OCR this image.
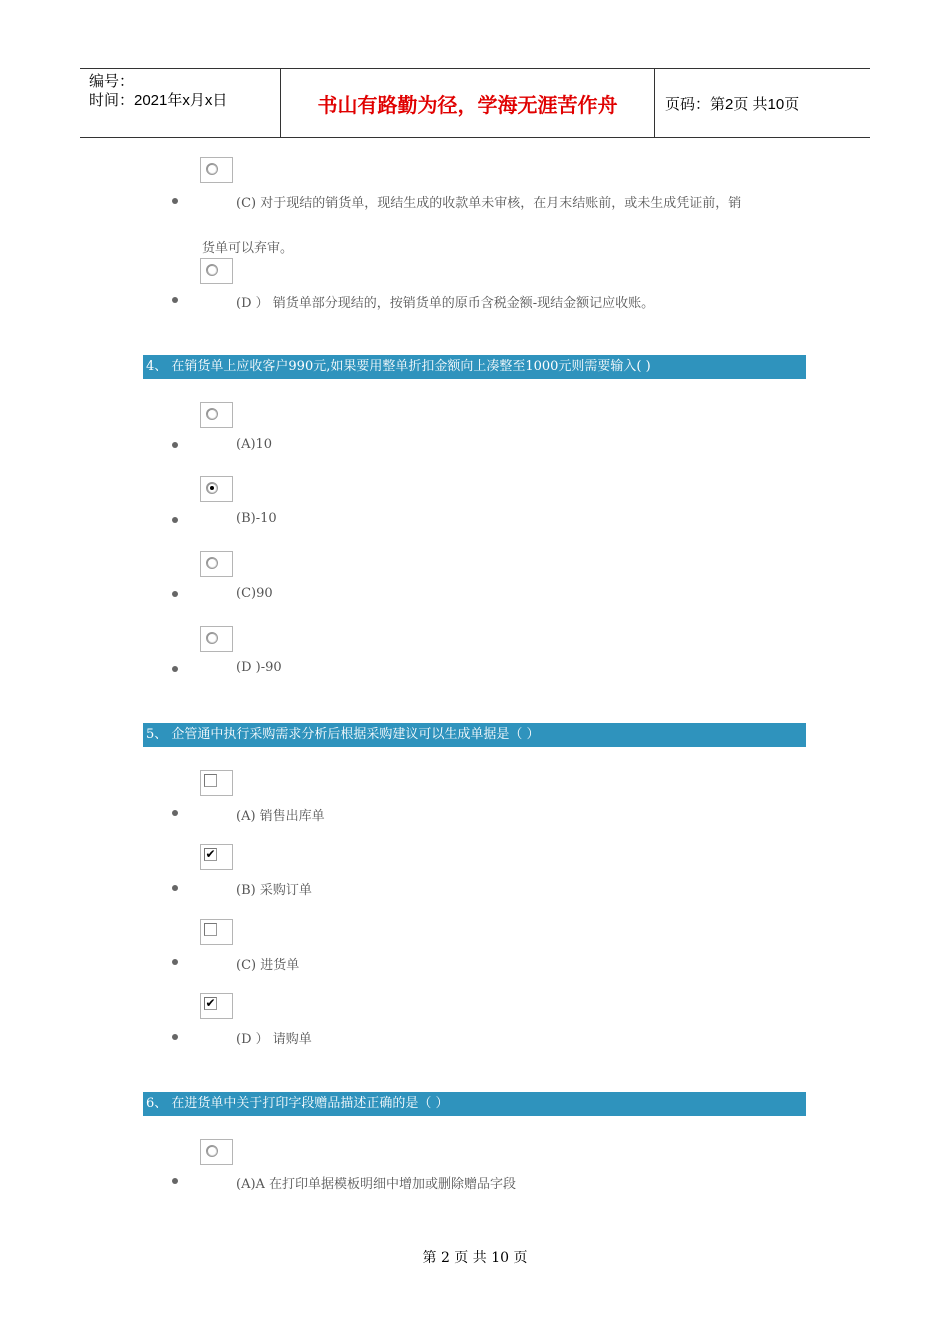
编号：
时间：2021年x月x日	书山有路勤为径，学海无涯苦作舟	页码：第2页 共10页
(C) 对于现结的销货单，现结生成的收款单未审核，在月末结账前，或未生成凭证前，销
货单可以弃审。
(D ） 销货单部分现结的，按销货单的原币含税金额-现结金额记应收账。
4、 在销货单上应收客户990元,如果要用整单折扣金额向上凑整至1000元则需要输入( )
(A)10
(B)-10
(C)90
(D )-90
5、 企管通中执行采购需求分析后根据采购建议可以生成单据是（ ）
(A) 销售出库单
✔
(B) 采购订单
(C) 进货单
✔
(D ） 请购单
6、 在进货单中关于打印字段赠品描述正确的是（ ）
(A)A 在打印单据模板明细中增加或删除赠品字段
第 2 页 共 10 页
